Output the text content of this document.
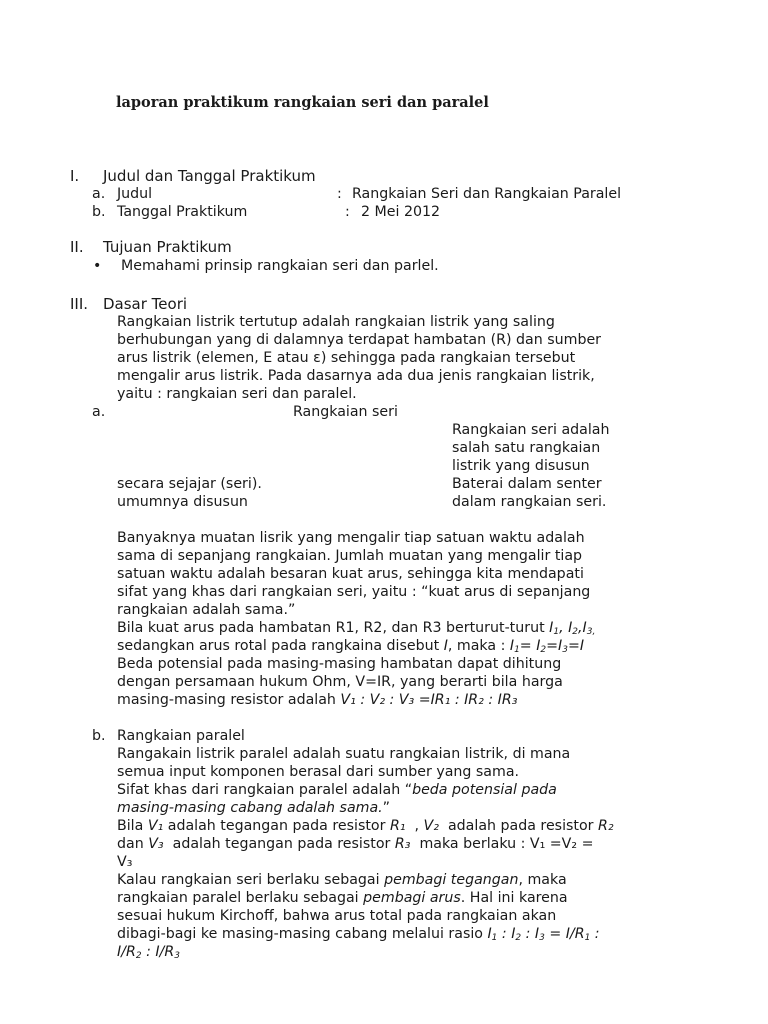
laporan praktikum rangkaian seri dan paralel
I. Judul dan Tanggal Praktikum
a. Judul	: Rangkaian Seri dan Rangkaian Paralel
b. Tanggal Praktikum	: 2 Mei 2012
II. Tujuan Praktikum
• Memahami prinsip rangkaian seri dan parlel.
III. Dasar Teori
Rangkaian listrik tertutup adalah rangkaian listrik yang saling
berhubungan yang di dalamnya terdapat hambatan (R) dan sumber
arus listrik (elemen, E atau ε) sehingga pada rangkaian tersebut
mengalir arus listrik. Pada dasarnya ada dua jenis rangkaian listrik,
yaitu : rangkaian seri dan paralel.
a.	Rangkaian seri
Rangkaian seri adalah
salah satu rangkaian
listrik yang disusun
secara sejajar (seri).	Baterai dalam senter
umumnya disusun	dalam rangkaian seri.
Banyaknya muatan lisrik yang mengalir tiap satuan waktu adalah
sama di sepanjang rangkaian. Jumlah muatan yang mengalir tiap
satuan waktu adalah besaran kuat arus, sehingga kita mendapati
sifat yang khas dari rangkaian seri, yaitu : “kuat arus di sepanjang
rangkaian adalah sama.”
Bila kuat arus pada hambatan R1, R2, dan R3 berturut-turut $I_1$, $I_2,I_{3,}$
sedangkan arus rotal pada rangkaina disebut I, maka : $I_1= I_2=I_3=I$
Beda potensial pada masing-masing hambatan dapat dihitung
dengan persamaan hukum Ohm, V=IR, yang berarti bila harga
masing-masing resistor adalah V₁ : V₂ : V₃ =IR₁ : IR₂ : IR₃
b. Rangkaian paralel
Rangakain listrik paralel adalah suatu rangkaian listrik, di mana
semua input komponen berasal dari sumber yang sama.
Sifat khas dari rangkaian paralel adalah “beda potensial pada
masing-masing cabang adalah sama.”
Bila V₁ adalah tegangan pada resistor R₁  , V₂ adalah pada resistor R₂
dan V₃ adalah tegangan pada resistor R₃ maka berlaku : V₁ =V₂ =
V₃
Kalau rangkaian seri berlaku sebagai pembagi tegangan, maka
rangkaian paralel berlaku sebagai pembagi arus. Hal ini karena
sesuai hukum Kirchoff, bahwa arus total pada rangkaian akan
dibagi-bagi ke masing-masing cabang melalui rasio $I_1$ : $I_2$ : $I_3 = I/R_1$ :
$I/R_2$ : $I/R_3$
